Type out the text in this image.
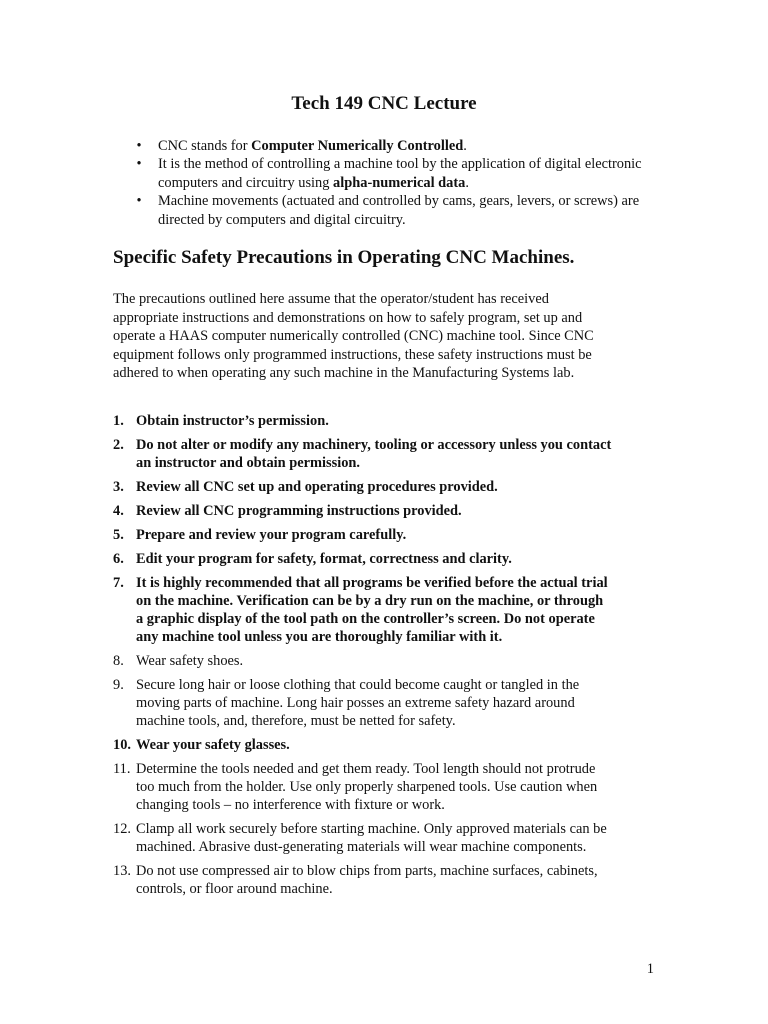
Tech 149 CNC Lecture
•	CNC stands for Computer Numerically Controlled.
•	It is the method of controlling a machine tool by the application of digital electronic computers and circuitry using alpha-numerical data.
•	Machine movements (actuated and controlled by cams, gears, levers, or screws) are directed by computers and digital circuitry.
Specific Safety Precautions in Operating CNC Machines.

The precautions outlined here assume that the operator/student has received appropriate instructions and demonstrations on how to safely program, set up and operate a HAAS computer numerically controlled (CNC) machine tool. Since CNC equipment follows only programmed instructions, these safety instructions must be adhered to when operating any such machine in the Manufacturing Systems lab.

1. Obtain instructor’s permission.
2. Do not alter or modify any machinery, tooling or accessory unless you contact an instructor and obtain permission.
3. Review all CNC set up and operating procedures provided.
4. Review all CNC programming instructions provided.
5. Prepare and review your program carefully.
6. Edit your program for safety, format, correctness and clarity.
7. It is highly recommended that all programs be verified before the actual trial on the machine. Verification can be by a dry run on the machine, or through a graphic display of the tool path on the controller’s screen. Do not operate any machine tool unless you are thoroughly familiar with it.
8. Wear safety shoes.
9. Secure long hair or loose clothing that could become caught or tangled in the moving parts of machine. Long hair posses an extreme safety hazard around machine tools, and, therefore, must be netted for safety.
10. Wear your safety glasses.
11. Determine the tools needed and get them ready. Tool length should not protrude too much from the holder. Use only properly sharpened tools. Use caution when changing tools – no interference with fixture or work.
12. Clamp all work securely before starting machine. Only approved materials can be machined. Abrasive dust-generating materials will wear machine components.
13. Do not use compressed air to blow chips from parts, machine surfaces, cabinets, controls, or floor around machine.
1
